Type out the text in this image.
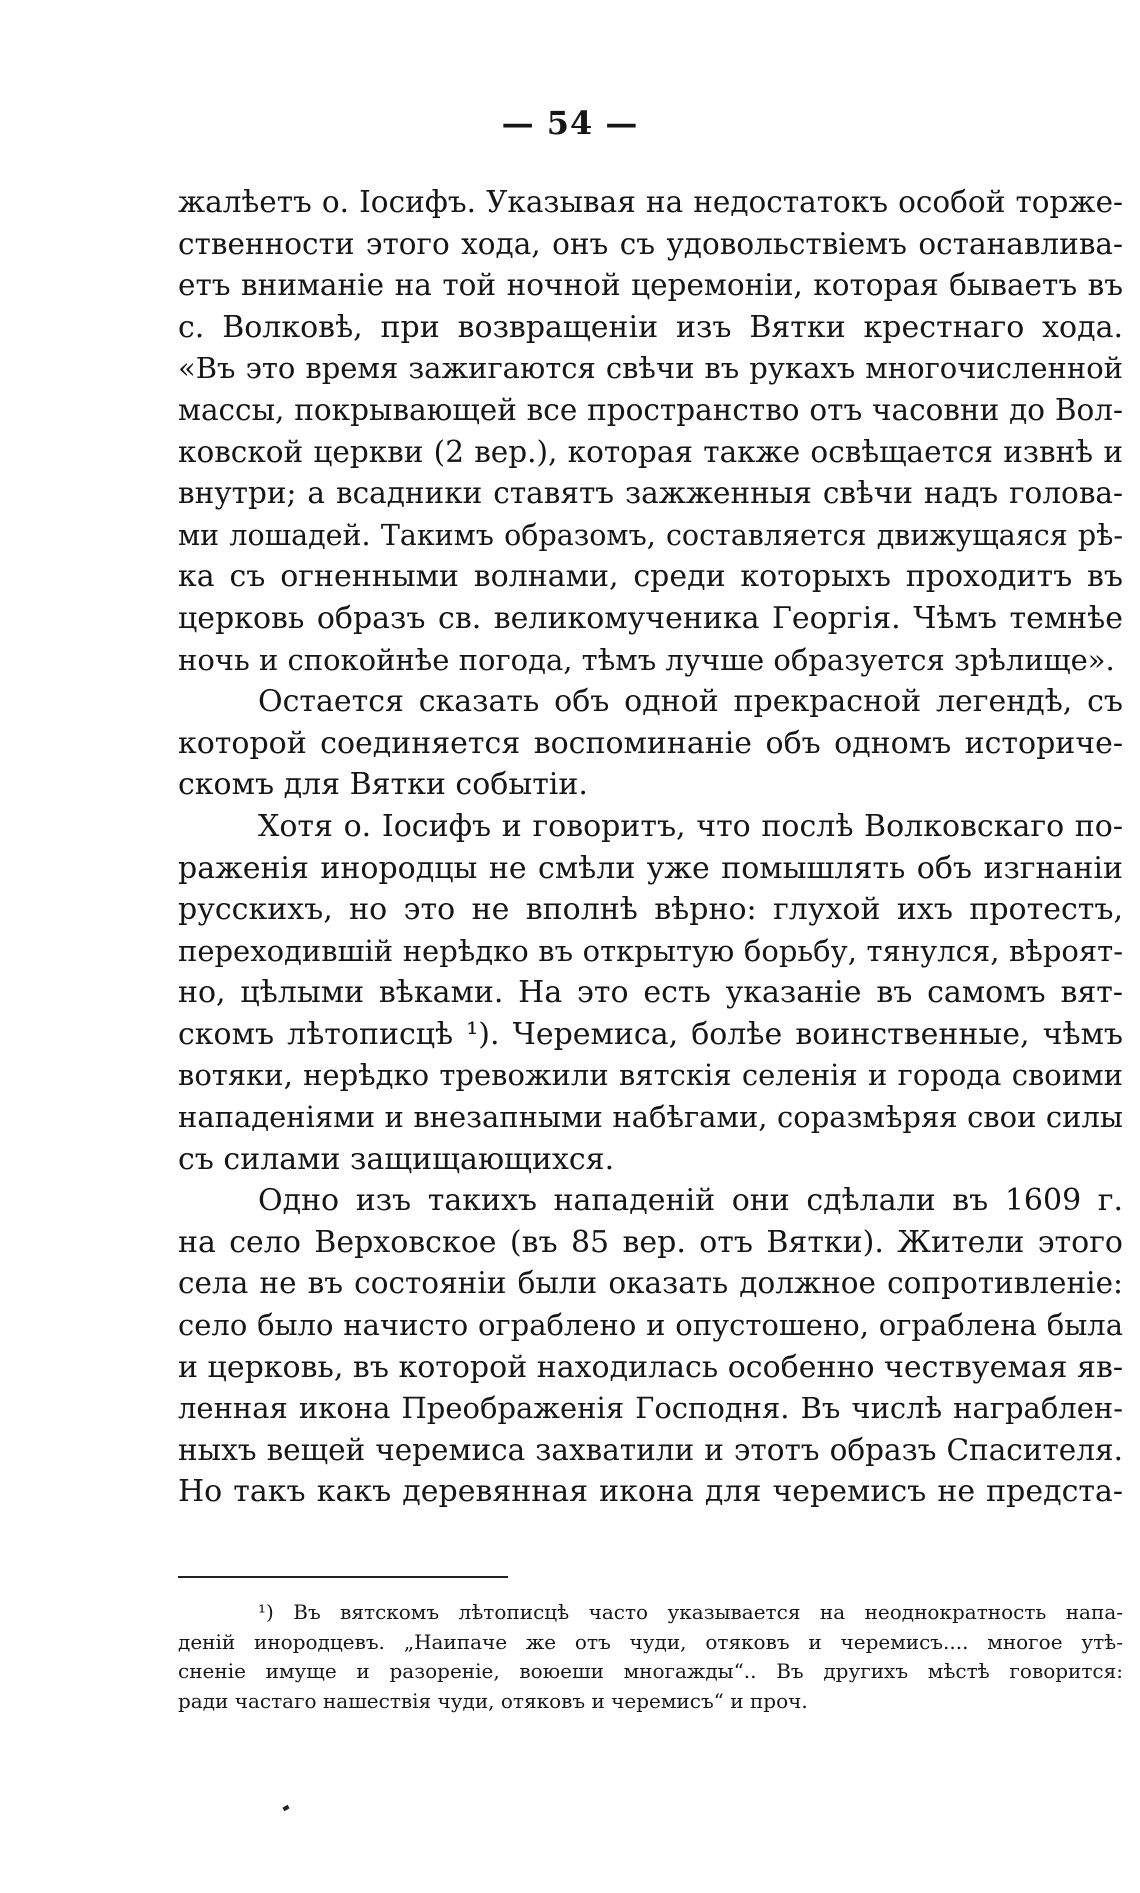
— 54 —
жалѣетъ о. Іосифъ. Указывая на недостатокъ особой торже-
ственности этого хода, онъ съ удовольствіемъ останавлива-
етъ вниманіе на той ночной церемоніи, которая бываетъ въ
с. Волковѣ, при возвращеніи изъ Вятки крестнаго хода.
«Въ это время зажигаются свѣчи въ рукахъ многочисленной
массы, покрывающей все пространство отъ часовни до Вол-
ковской церкви (2 вер.), которая также освѣщается извнѣ и
внутри; а всадники ставятъ зажженныя свѣчи надъ голова-
ми лошадей. Такимъ образомъ, составляется движущаяся рѣ-
ка съ огненными волнами, среди которыхъ проходитъ въ
церковь образъ св. великомученика Георгія. Чѣмъ темнѣе
ночь и спокойнѣе погода, тѣмъ лучше образуется зрѣлище».
Остается сказать объ одной прекрасной легендѣ, съ
которой соединяется воспоминаніе объ одномъ историче-
скомъ для Вятки событіи.
Хотя о. Іосифъ и говоритъ, что послѣ Волковскаго по-
раженія инородцы не смѣли уже помышлять объ изгнаніи
русскихъ, но это не вполнѣ вѣрно: глухой ихъ протестъ,
переходившій нерѣдко въ открытую борьбу, тянулся, вѣроят-
но, цѣлыми вѣками. На это есть указаніе въ самомъ вят-
скомъ лѣтописцѣ ¹). Черемиса, болѣе воинственные, чѣмъ
вотяки, нерѣдко тревожили вятскія селенія и города своими
нападеніями и внезапными набѣгами, соразмѣряя свои силы
съ силами защищающихся.
Одно изъ такихъ нападеній они сдѣлали въ 1609 г.
на село Верховское (въ 85 вер. отъ Вятки). Жители этого
села не въ состояніи были оказать должное сопротивленіе:
село было начисто ограблено и опустошено, ограблена была
и церковь, въ которой находилась особенно чествуемая яв-
ленная икона Преображенія Господня. Въ числѣ награблен-
ныхъ вещей черемиса захватили и этотъ образъ Спасителя.
Но такъ какъ деревянная икона для черемисъ не предста-
¹) Въ вятскомъ лѣтописцѣ часто указывается на неоднократность напа-
деній инородцевъ. „Наипаче же отъ чуди, отяковъ и черемисъ.... многое утѣ-
сненіе имуще и разореніе, воюеши многажды“.. Въ другихъ мѣстѣ говорится:
ради частаго нашествія чуди, отяковъ и черемисъ“ и проч.
